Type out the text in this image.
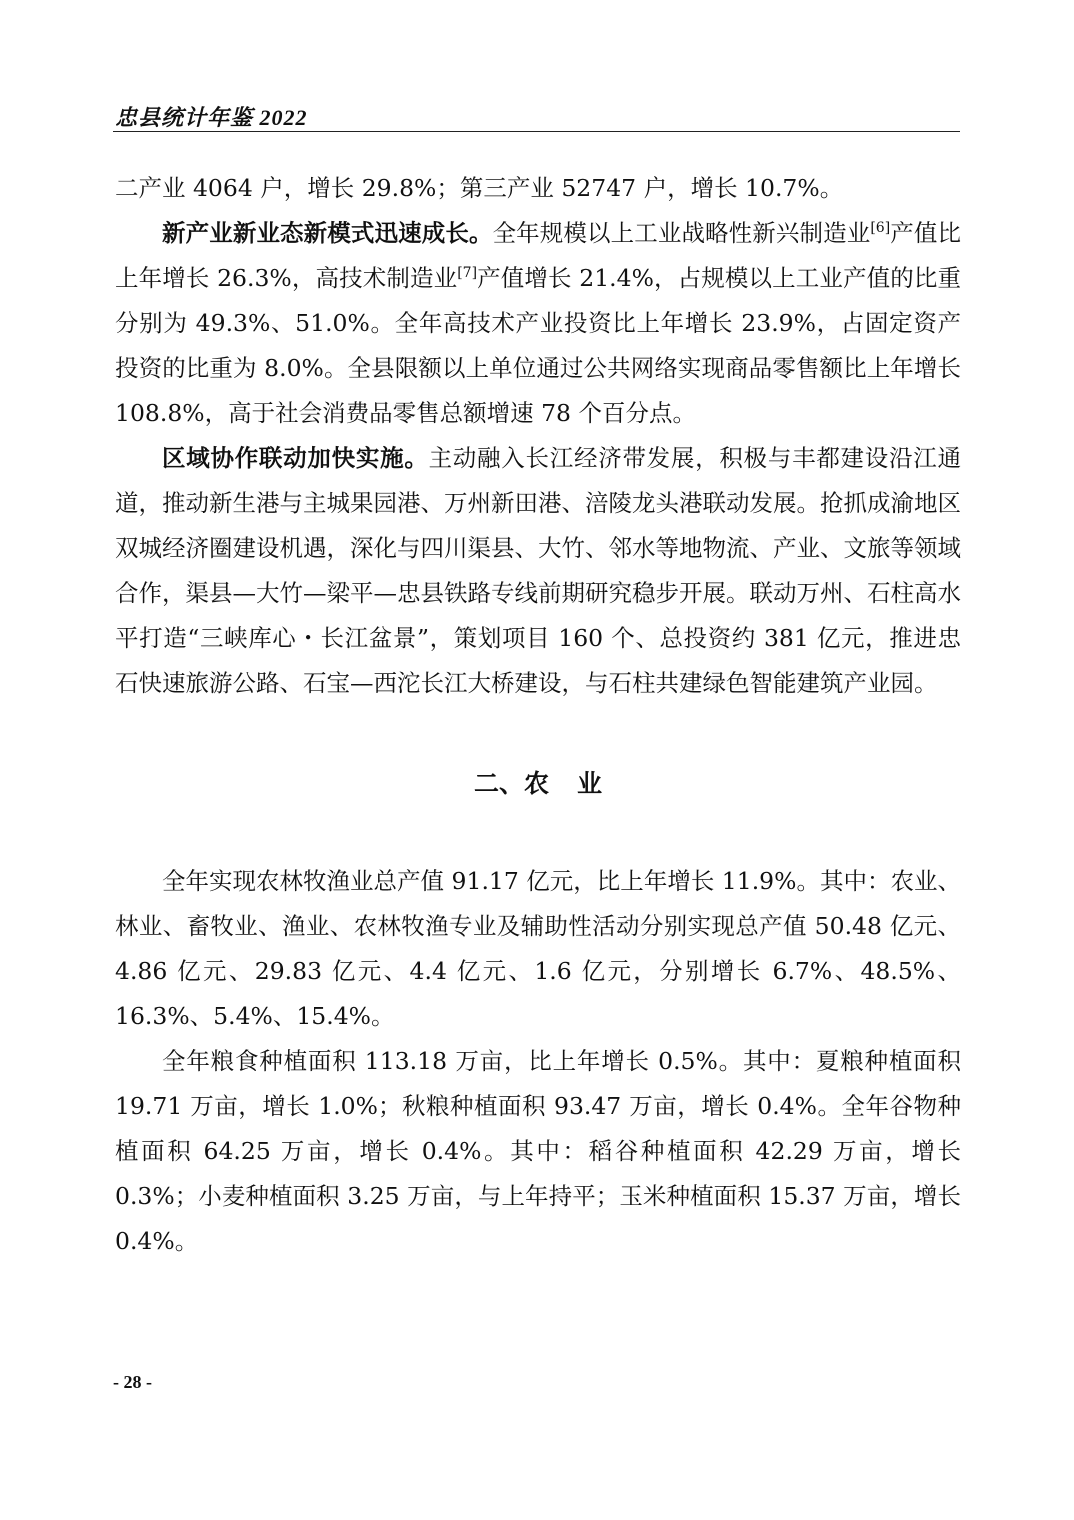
忠县统计年鉴 2022

二产业 4064 户，增长 29.8%；第三产业 52747 户，增长 10.7%。

新产业新业态新模式迅速成长。全年规模以上工业战略性新兴制造业[6]产值比上年增长 26.3%，高技术制造业[7]产值增长 21.4%，占规模以上工业产值的比重分别为 49.3%、51.0%。全年高技术产业投资比上年增长 23.9%，占固定资产投资的比重为 8.0%。全县限额以上单位通过公共网络实现商品零售额比上年增长 108.8%，高于社会消费品零售总额增速 78 个百分点。

区域协作联动加快实施。主动融入长江经济带发展，积极与丰都建设沿江通道，推动新生港与主城果园港、万州新田港、涪陵龙头港联动发展。抢抓成渝地区双城经济圈建设机遇，深化与四川渠县、大竹、邻水等地物流、产业、文旅等领域合作，渠县—大竹—梁平—忠县铁路专线前期研究稳步开展。联动万州、石柱高水平打造“三峡库心・长江盆景”，策划项目 160 个、总投资约 381 亿元，推进忠石快速旅游公路、石宝—西沱长江大桥建设，与石柱共建绿色智能建筑产业园。

二、农 业

全年实现农林牧渔业总产值 91.17 亿元，比上年增长 11.9%。其中：农业、林业、畜牧业、渔业、农林牧渔专业及辅助性活动分别实现总产值 50.48 亿元、4.86 亿元、29.83 亿元、4.4 亿元、1.6 亿元，分别增长 6.7%、48.5%、16.3%、5.4%、15.4%。

全年粮食种植面积 113.18 万亩，比上年增长 0.5%。其中：夏粮种植面积 19.71 万亩，增长 1.0%；秋粮种植面积 93.47 万亩，增长 0.4%。全年谷物种植面积 64.25 万亩，增长 0.4%。其中：稻谷种植面积 42.29 万亩，增长 0.3%；小麦种植面积 3.25 万亩，与上年持平；玉米种植面积 15.37 万亩，增长 0.4%。

- 28 -
